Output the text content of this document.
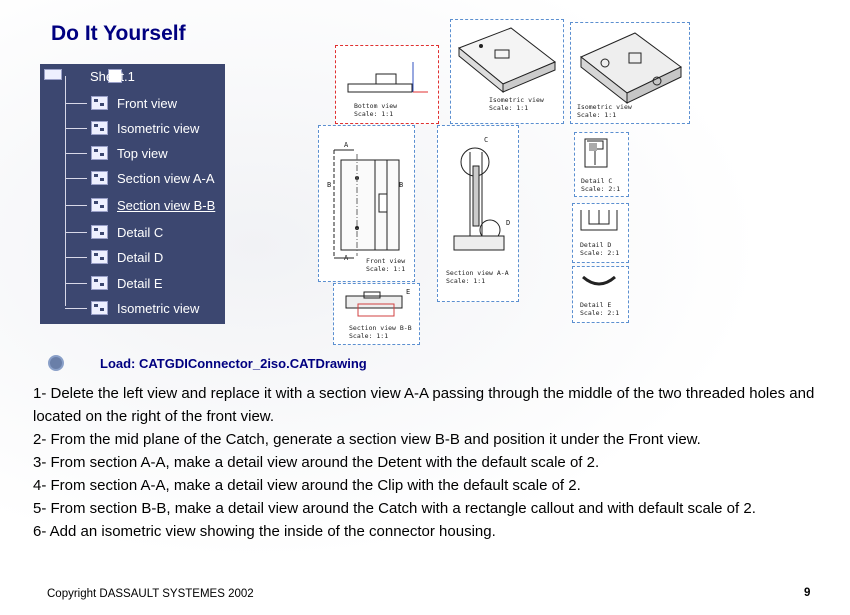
Do It Yourself
Sheet.1
Front view
Isometric view
Top view
Section view A-A
Section view B-B
Detail C
Detail D
Detail E
Isometric view
Bottom view
Scale: 1:1
Isometric view
Scale: 1:1	Isometric view
Scale: 1:1
A
B	B
A	Front view
Scale: 1:1
C
D
Section view A-A
Scale: 1:1
Detail C
Scale: 2:1
Detail D
Scale: 2:1
Detail E
Scale: 2:1
E
Section view B-B
Scale: 1:1
Load: CATGDIConnector_2iso.CATDrawing

1- Delete the left view and replace it with a section view A-A passing through the middle of the two threaded holes and located on the right of the front view.

2- From the mid plane of the Catch, generate a section view B-B and position it under the Front view.

3- From section A-A, make a detail view around the Detent with the default scale of 2.

4- From section A-A, make a detail view around the Clip with the default scale of 2.

5- From section B-B, make a detail view around the Catch with a rectangle callout and with default scale of 2.

6- Add an isometric view showing the inside of the connector housing.

Copyright DASSAULT SYSTEMES 2002	9
